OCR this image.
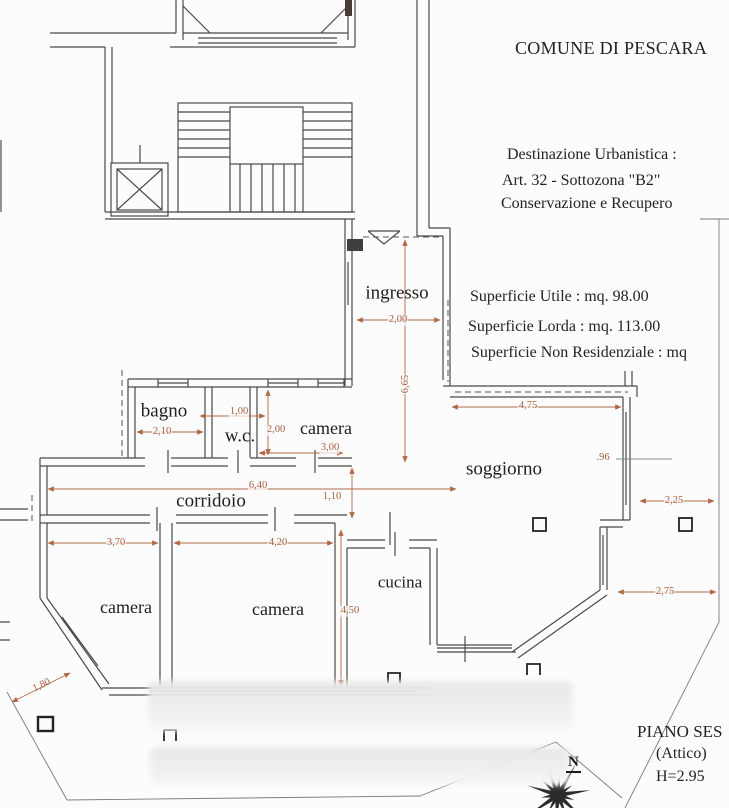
ingresso
bagno
w.c. camera
soggiorno
corridoio
camera	camera
cucina
2,00
6,65
1,00
2,10	2,00
3,00
4,75
.96
2,25
6,40
1,10
3,70	4,20
4,50
2,75
1,80
COMUNE DI PESCARA
Destinazione Urbanistica :
Art. 32 - Sottozona "B2"
Conservazione e Recupero
Superficie Utile : mq. 98.00
Superficie Lorda : mq. 113.00
Superficie Non Residenziale : mq
PIANO SES
(Attico)
H=2.95
N
